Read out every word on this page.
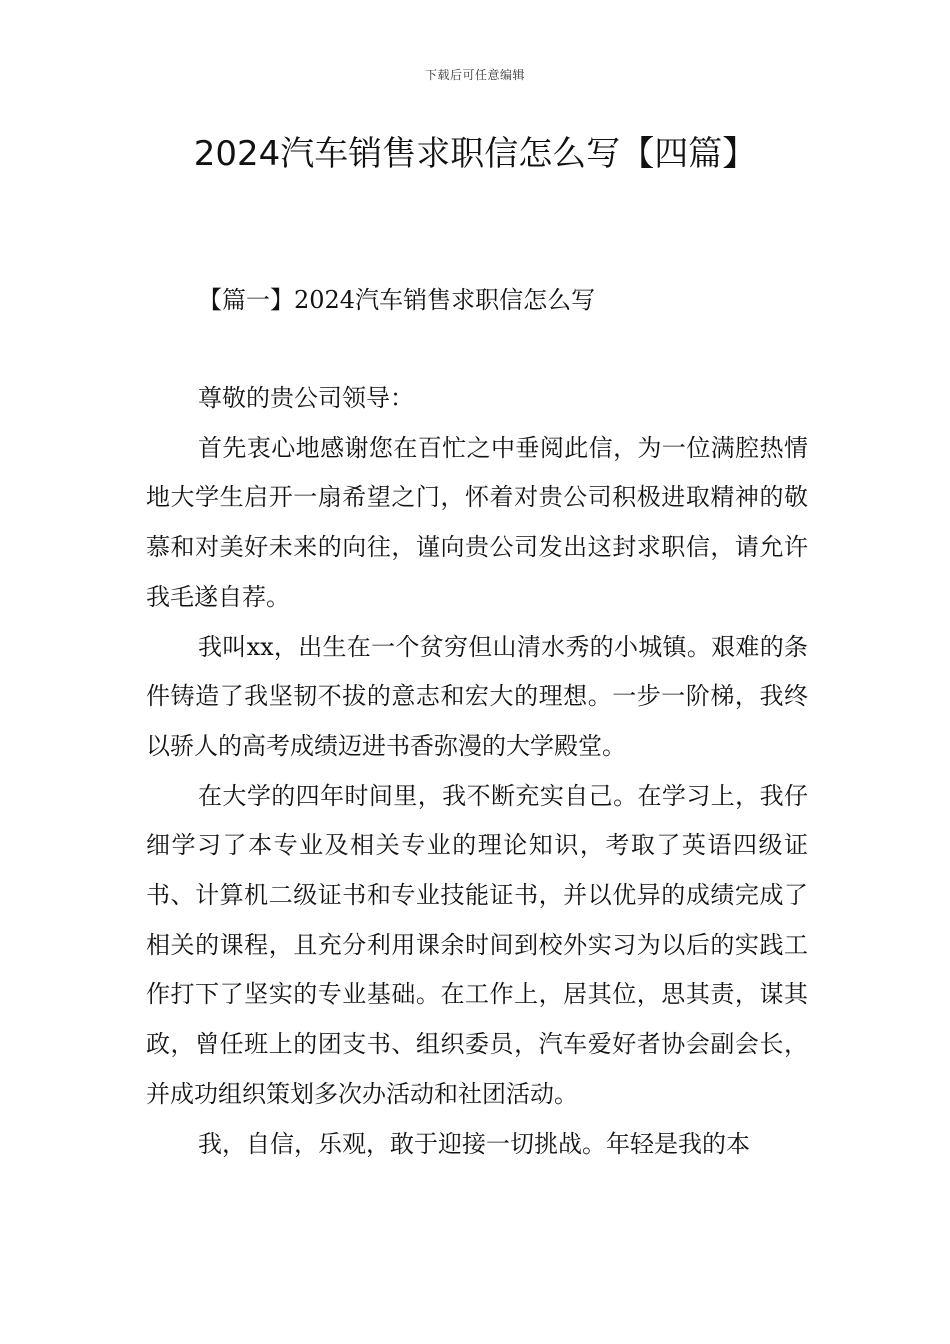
下载后可任意编辑
2024汽车销售求职信怎么写【四篇】
【篇一】2024汽车销售求职信怎么写

尊敬的贵公司领导：

首先衷心地感谢您在百忙之中垂阅此信，为一位满腔热情地大学生启开一扇希望之门，怀着对贵公司积极进取精神的敬慕和对美好未来的向往，谨向贵公司发出这封求职信，请允许我毛遂自荐。

我叫xx，出生在一个贫穷但山清水秀的小城镇。艰难的条件铸造了我坚韧不拔的意志和宏大的理想。一步一阶梯，我终以骄人的高考成绩迈进书香弥漫的大学殿堂。

在大学的四年时间里，我不断充实自己。在学习上，我仔细学习了本专业及相关专业的理论知识，考取了英语四级证书、计算机二级证书和专业技能证书，并以优异的成绩完成了相关的课程，且充分利用课余时间到校外实习为以后的实践工作打下了坚实的专业基础。在工作上，居其位，思其责，谋其政，曾任班上的团支书、组织委员，汽车爱好者协会副会长，并成功组织策划多次办活动和社团活动。

我，自信，乐观，敢于迎接一切挑战。年轻是我的本
